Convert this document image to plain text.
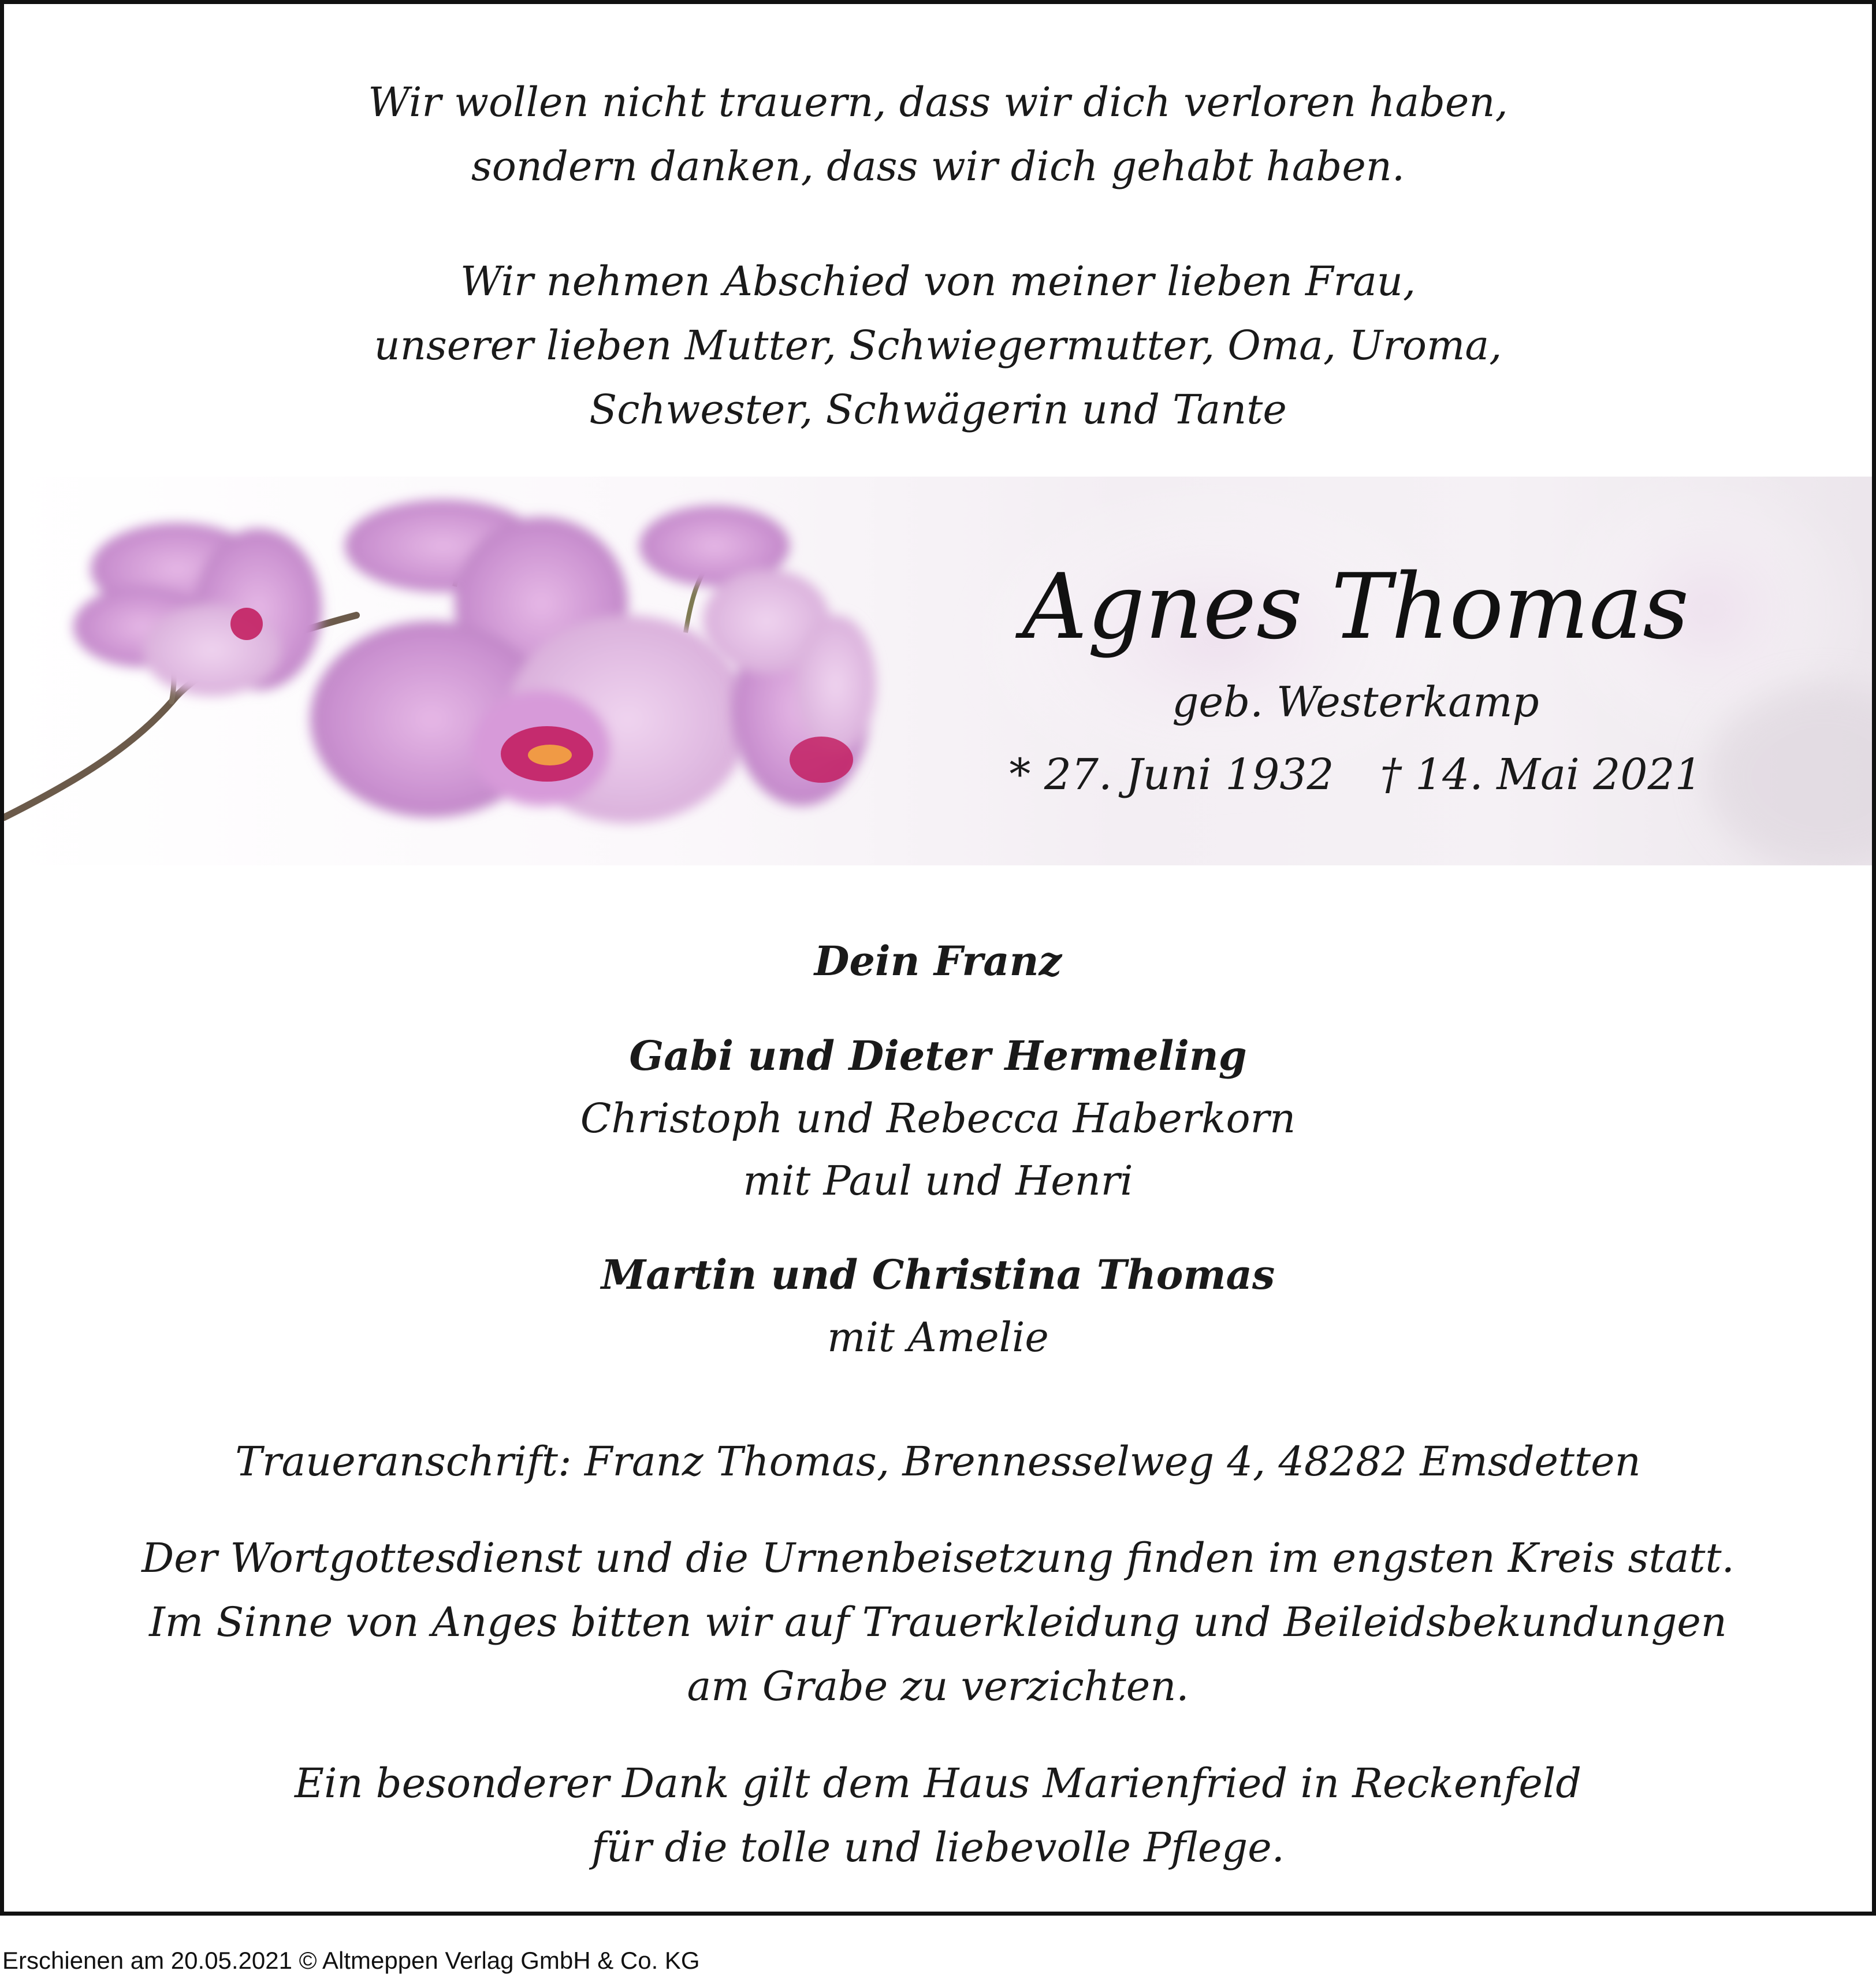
Wir wollen nicht trauern, dass wir dich verloren haben,
sondern danken, dass wir dich gehabt haben.
Wir nehmen Abschied von meiner lieben Frau,
unserer lieben Mutter, Schwiegermutter, Oma, Uroma,
Schwester, Schwägerin und Tante
Agnes Thomas
geb. Westerkamp
* 27. Juni 1932 † 14. Mai 2021
Dein Franz
Gabi und Dieter Hermeling
Christoph und Rebecca Haberkorn
mit Paul und Henri
Martin und Christina Thomas
mit Amelie
Traueranschrift: Franz Thomas, Brennesselweg 4, 48282 Emsdetten
Der Wortgottesdienst und die Urnenbeisetzung finden im engsten Kreis statt.
Im Sinne von Anges bitten wir auf Trauerkleidung und Beileidsbekundungen
am Grabe zu verzichten.
Ein besonderer Dank gilt dem Haus Marienfried in Reckenfeld
für die tolle und liebevolle Pflege.
Erschienen am 20.05.2021 © Altmeppen Verlag GmbH & Co. KG
